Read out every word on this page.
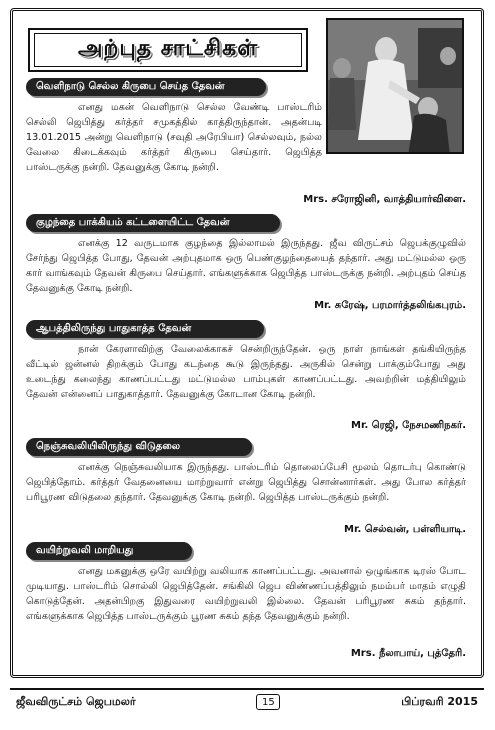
அற்புத சாட்சிகள்
வெளிநாடு செல்ல கிருபை செய்த தேவன்

எனது மகன் வெளிநாடு செல்ல வேண்டி பாஸ்டரிம் செல்லி ஜெபித்து கர்த்தர் சமுகத்தில் காத்திருந்தான். அதன்படி 13.01.2015 அன்று வெளிநாடு (சவுதி அரேபியா) செல்லவும், நல்ல வேலை கிடைக்கவும் கர்த்தர் கிருபை செய்தார். ஜெபித்த பாஸ்டருக்கு நன்றி. தேவனுக்கு கோடி நன்றி.

Mrs. சரோஜினி, வாத்தியார்விளை.
குழந்தை பாக்கியம் கட்டளையிட்ட தேவன்

எனக்கு 12 வருடமாக குழந்தை இல்லாமல் இருந்தது. ஜீவ விருட்சம் ஜெபக்குழுவில் சேர்ந்து ஜெபித்த போது, தேவன் அற்புதமாக ஒரு பெண்குழந்தையைத் தந்தார். அது மட்டுமல்ல ஒரு கார் வாங்கவும் தேவன் கிருபை செய்தார். எங்களுக்காக ஜெபித்த பாஸ்டருக்கு நன்றி. அற்புதம் செய்த தேவனுக்கு கோடி நன்றி.

Mr. சுரேஷ், பரமார்த்தலிங்கபுரம்.
ஆபத்திலிருந்து பாதுகாத்த தேவன்

நான் கேரளாவிற்கு வேலைக்காகச் சென்றிருந்தேன். ஒரு நாள் நாங்கள் தங்கியிருந்த வீட்டில் ஜன்னல் திறக்கும் போது கடந்தை கூடு இருந்தது. அருகில் சென்று பாக்கும்போது அது உடைந்து கலைந்து காணப்பட்டது மட்டுமல்ல பாம்புகள் காணப்பட்டது. அவற்றின் மத்தியிலும் தேவன் என்னைப் பாதுகாத்தார். தேவனுக்கு கோடான கோடி நன்றி.

Mr. ரெஜி, நேசமணிநகர்.
நெஞ்சுவலியிலிருந்து விடுதலை

எனக்கு நெஞ்சுவலியாக இருந்தது. பாஸ்டரிம் தொலைப்பேசி மூலம் தொடர்பு கொண்டு ஜெபித்தோம். கர்த்தர் வேதனையை மாற்றுவார் என்று ஜெபித்து சொன்னார்கள். அது போல கர்த்தர் பரிபூரண விடுதலை தந்தார். தேவனுக்கு கோடி நன்றி. ஜெபித்த பாஸ்டருக்கும் நன்றி.

Mr. செல்வன், பள்ளியாடி.
வயிற்றுவலி மாறியது

எனது மகனுக்கு ஒரே வயிற்று வலியாக காணப்பட்டது. அவனால் ஒழுங்காக டிரஸ் போட முடியாது. பாஸ்டரிம் சொல்லி ஜெபித்தேன். சங்கிலி ஜெப விண்ணப்பத்திலும் நமம்பர் மாதம் எழுதி கொடுத்தேன். அதன்பிறகு இதுவரை வயிற்றுவலி இல்லை. தேவன் பரிபூரண சுகம் தந்தார். எங்களுக்காக ஜெபித்த பாஸ்டருக்கும் பூரண சுகம் தந்த தேவனுக்கும் நன்றி.

Mrs. நீலாபாய், புத்தேரி.
ஜீவவிருட்சம் ஜெபமலர்	15	பிப்ரவரி 2015
